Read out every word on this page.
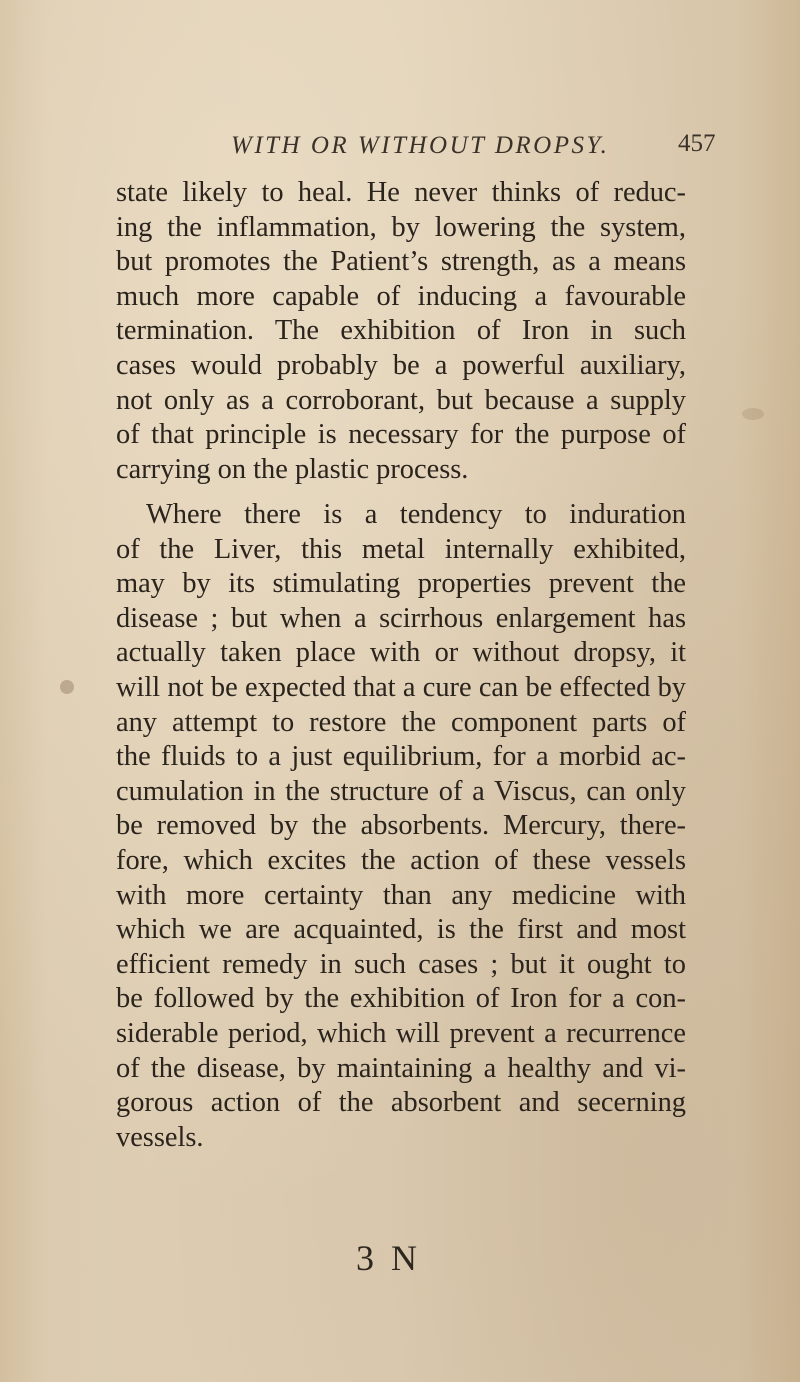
WITH OR WITHOUT DROPSY.	457
state likely to heal. He never thinks of reduc-
ing the inflammation, by lowering the system,
but promotes the Patient’s strength, as a means
much more capable of inducing a favourable
termination. The exhibition of Iron in such
cases would probably be a powerful auxiliary,
not only as a corroborant, but because a supply
of that principle is necessary for the purpose of
carrying on the plastic process.
Where there is a tendency to induration
of the Liver, this metal internally exhibited,
may by its stimulating properties prevent the
disease ; but when a scirrhous enlargement has
actually taken place with or without dropsy, it
will not be expected that a cure can be effected by
any attempt to restore the component parts of
the fluids to a just equilibrium, for a morbid ac-
cumulation in the structure of a Viscus, can only
be removed by the absorbents. Mercury, there-
fore, which excites the action of these vessels
with more certainty than any medicine with
which we are acquainted, is the first and most
efficient remedy in such cases ; but it ought to
be followed by the exhibition of Iron for a con-
siderable period, which will prevent a recurrence
of the disease, by maintaining a healthy and vi-
gorous action of the absorbent and secerning
vessels.
3 N
